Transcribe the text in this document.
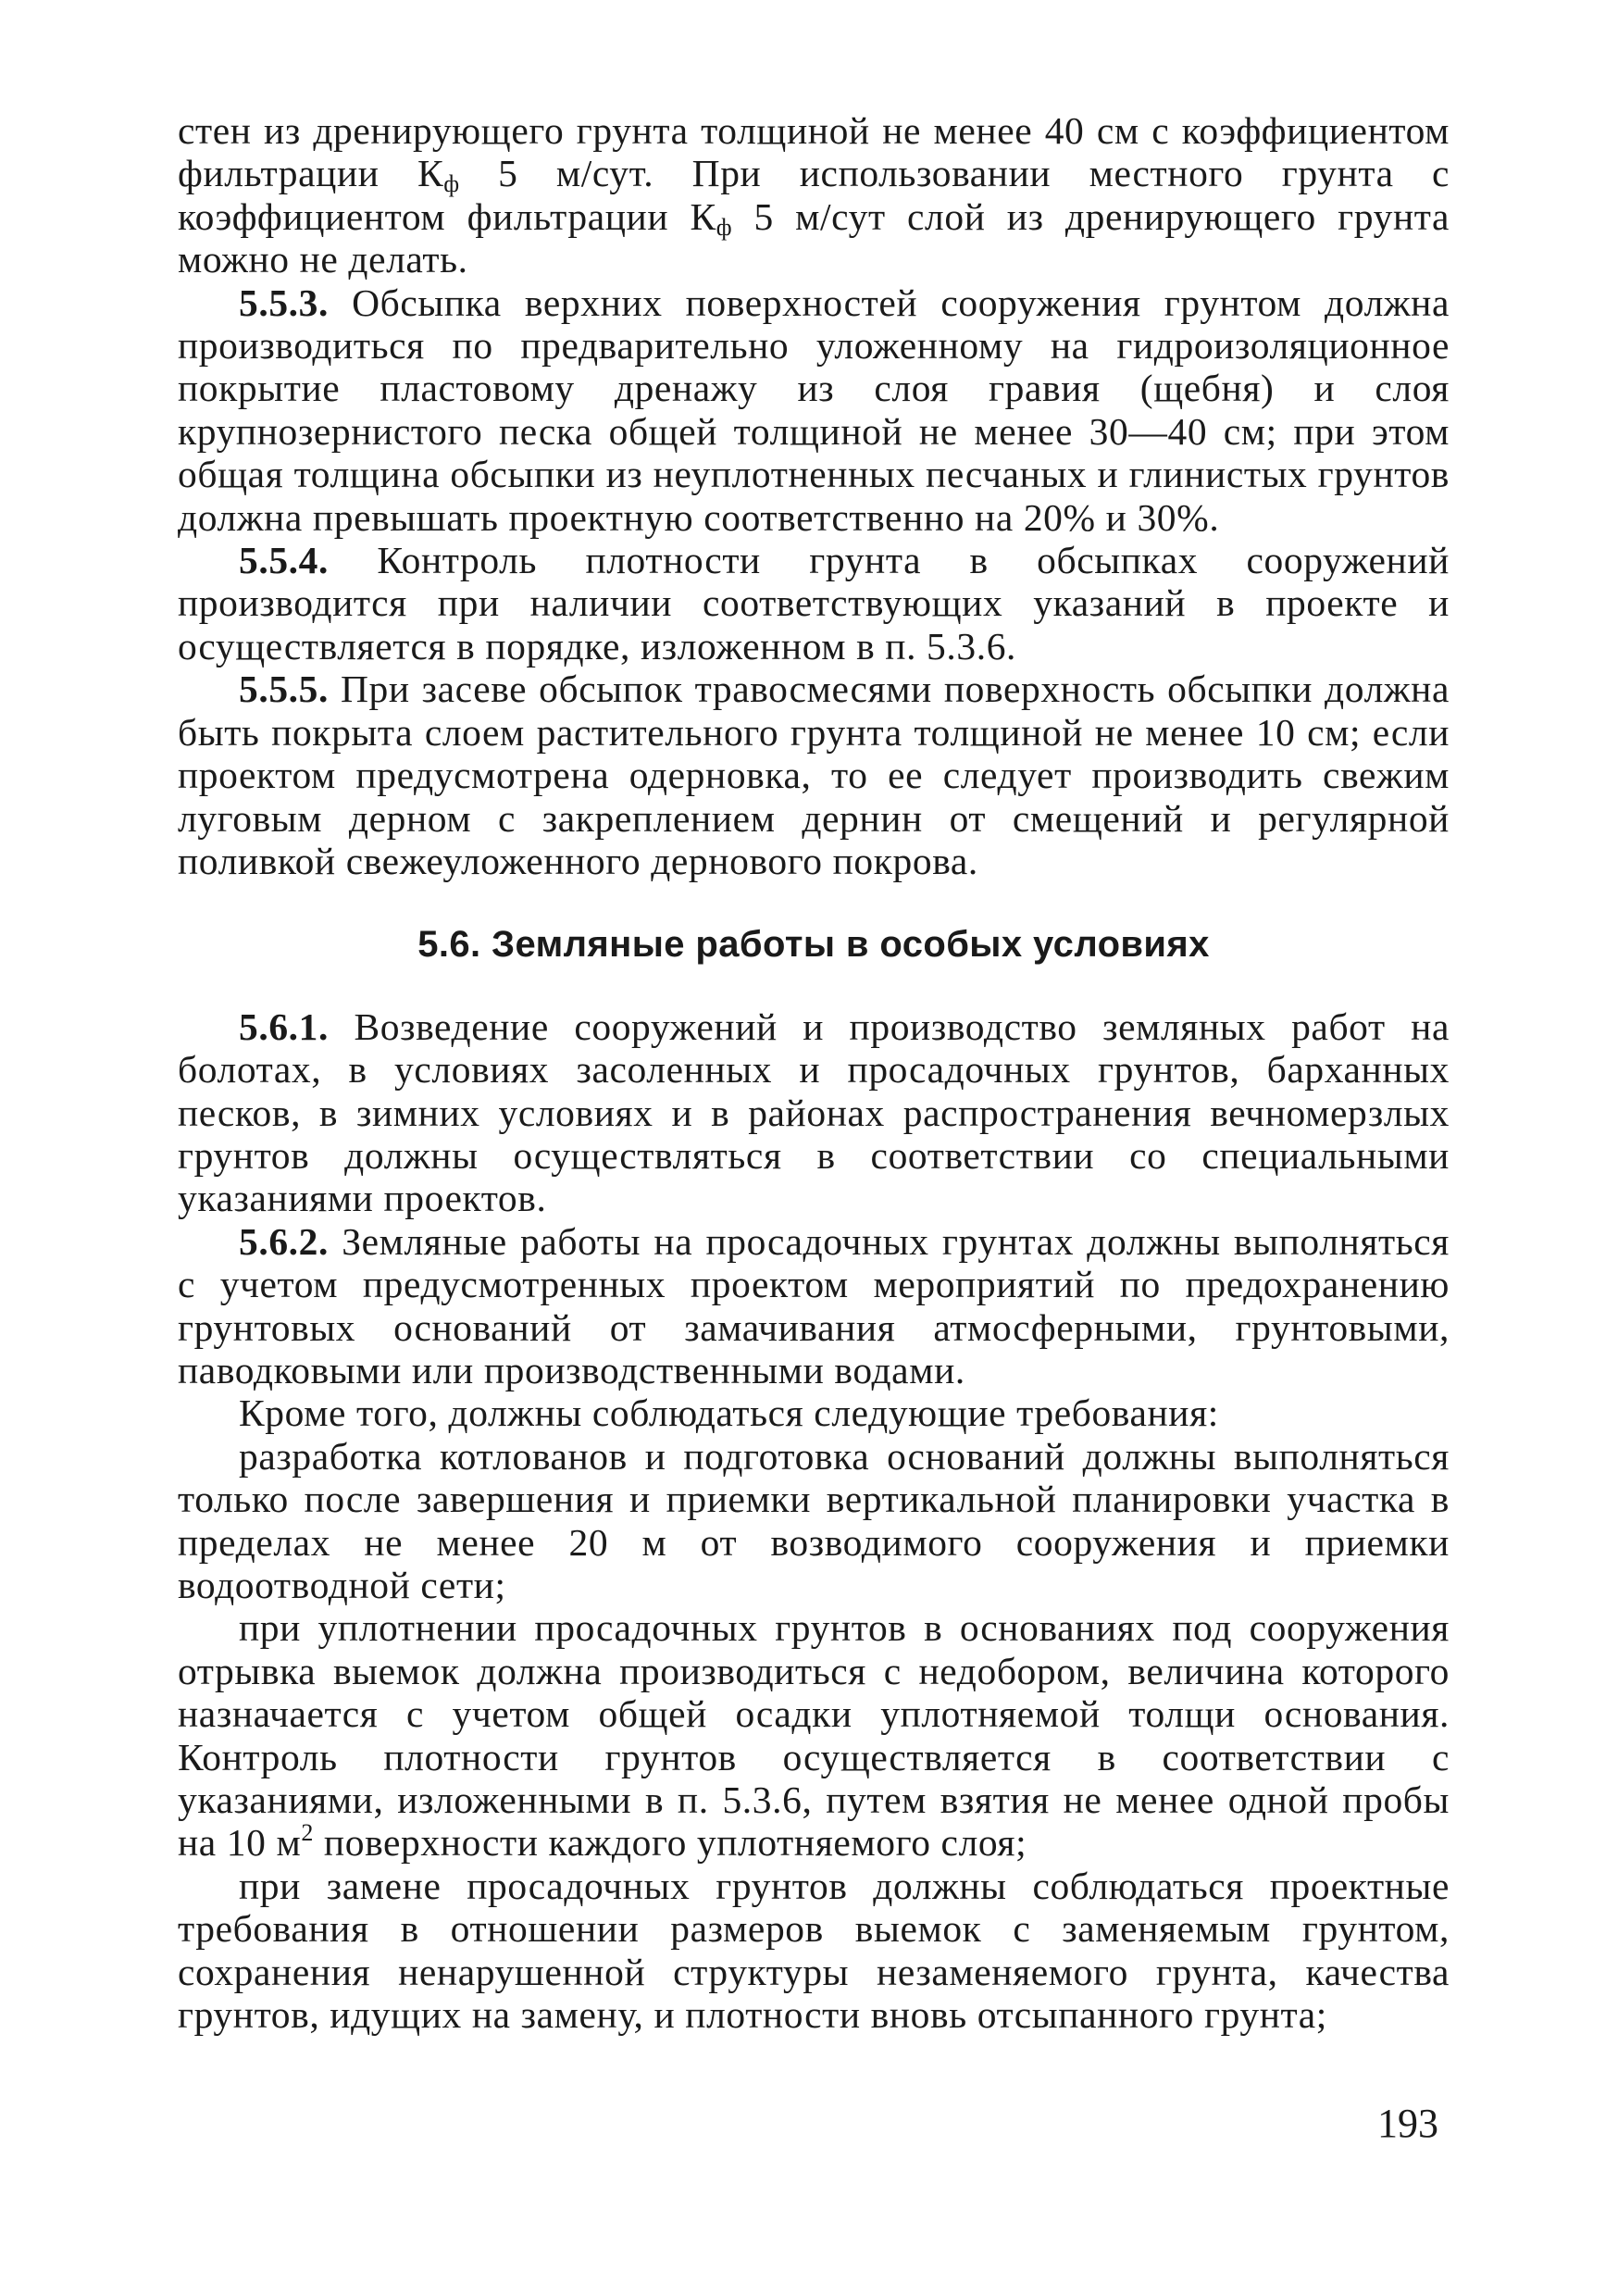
стен из дренирующего грунта толщиной не менее 40 см с коэффициентом фильтрации $К_ф$ 5 м/сут. При использовании местного грунта с коэффициентом фильтрации $К_ф$ 5 м/сут слой из дренирующего грунта можно не делать.

5.5.3. Обсыпка верхних поверхностей сооружения грунтом должна производиться по предварительно уложенному на гидроизоляционное покрытие пластовому дренажу из слоя гравия (щебня) и слоя крупнозернистого песка общей толщиной не менее 30—40 см; при этом общая толщина обсыпки из неуплотненных песчаных и глинистых грунтов должна превышать проектную соответственно на 20% и 30%.

5.5.4. Контроль плотности грунта в обсыпках сооружений производится при наличии соответствующих указаний в проекте и осуществляется в порядке, изложенном в п. 5.3.6.

5.5.5. При засеве обсыпок травосмесями поверхность обсыпки должна быть покрыта слоем растительного грунта толщиной не менее 10 см; если проектом предусмотрена одерновка, то ее следует производить свежим луговым дерном с закреплением дернин от смещений и регулярной поливкой свежеуложенного дернового покрова.

5.6. Земляные работы в особых условиях

5.6.1. Возведение сооружений и производство земляных работ на болотах, в условиях засоленных и просадочных грунтов, барханных песков, в зимних условиях и в районах распространения вечномерзлых грунтов должны осуществляться в соответствии со специальными указаниями проектов.

5.6.2. Земляные работы на просадочных грунтах должны выполняться с учетом предусмотренных проектом мероприятий по предохранению грунтовых оснований от замачивания атмосферными, грунтовыми, паводковыми или производственными водами.

Кроме того, должны соблюдаться следующие требования:

разработка котлованов и подготовка оснований должны выполняться только после завершения и приемки вертикальной планировки участка в пределах не менее 20 м от возводимого сооружения и приемки водоотводной сети;

при уплотнении просадочных грунтов в основаниях под сооружения отрывка выемок должна производиться с недобором, величина которого назначается с учетом общей осадки уплотняемой толщи основания. Контроль плотности грунтов осуществляется в соответствии с указаниями, изложенными в п. 5.3.6, путем взятия не менее одной пробы на 10 $м^2$ поверхности каждого уплотняемого слоя;

при замене просадочных грунтов должны соблюдаться проектные требования в отношении размеров выемок с заменяемым грунтом, сохранения ненарушенной структуры незаменяемого грунта, качества грунтов, идущих на замену, и плотности вновь отсыпанного грунта;

193
